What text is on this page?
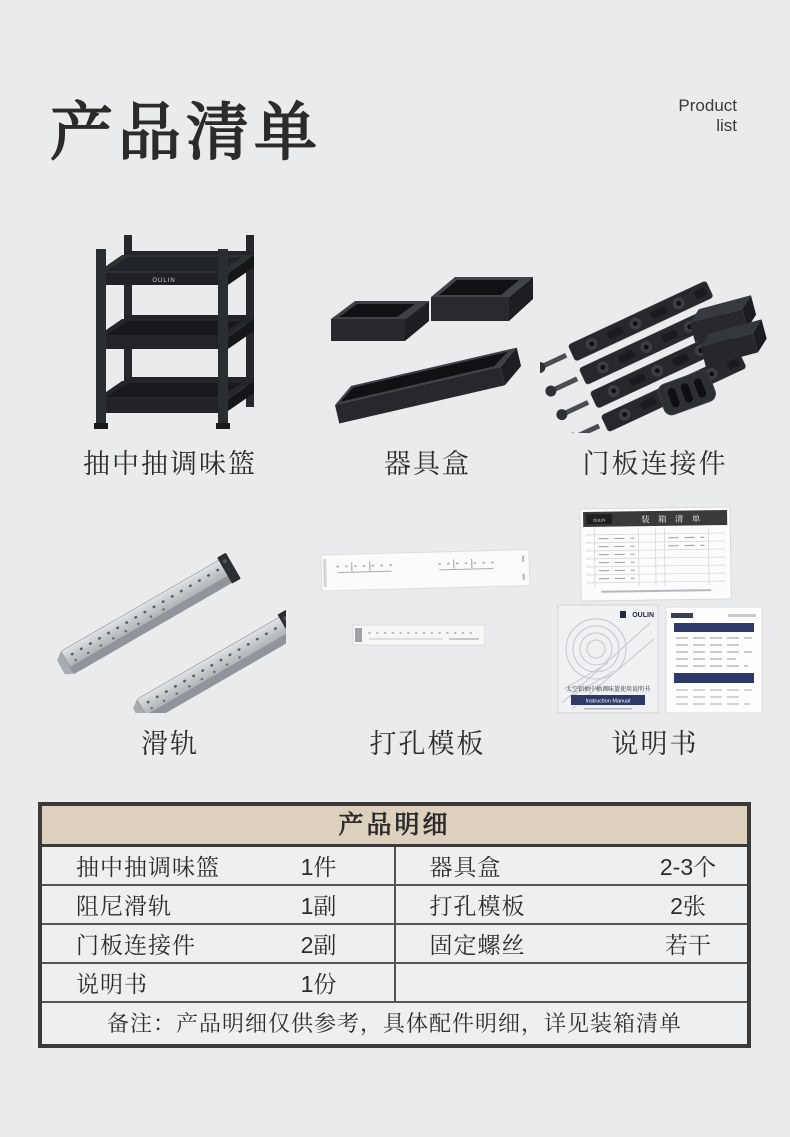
产品清单	Product
list
OULIN
抽中抽调味篮	器具盒	门板连接件
滑轨	打孔模板
OULIN	装 箱 清 单
OULIN
太空铝抽中抽调味篮使用说明书
Instruction Manual
说明书
产品明细
抽中抽调味篮	1件	器具盒	2-3个
阻尼滑轨	1副	打孔模板	2张
门板连接件	2副	固定螺丝	若干
说明书	1份
备注：产品明细仅供参考，具体配件明细，详见装箱清单
